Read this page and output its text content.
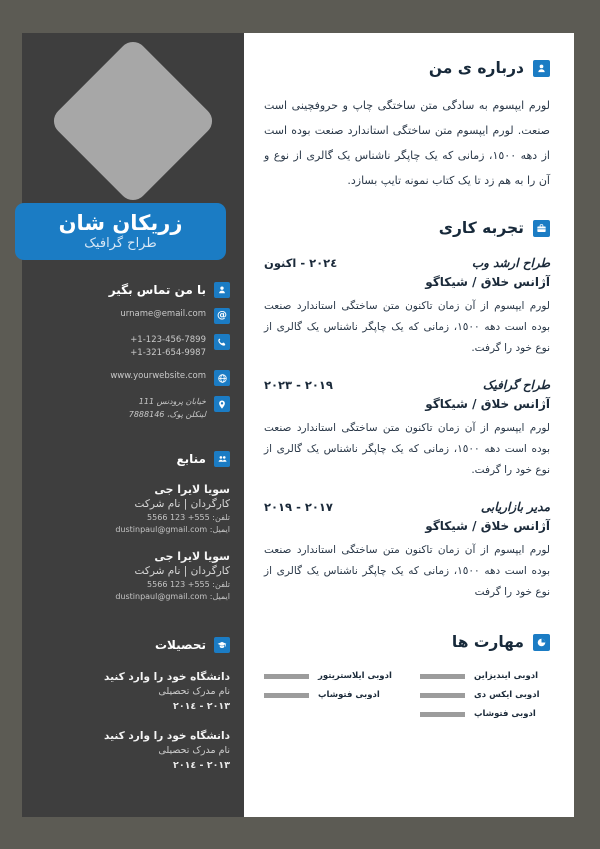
زریکان شان
طراح گرافیک
با من تماس بگیر
@
urname@email.com
+1-123-456-7899
+1-321-654-9987
www.yourwebsite.com
خیابان پرودنس 111
لینکلن پوک، 7888146
منابع
سویا لایرا جی
کارگردان | نام شرکت
تلفن: 5566 123 +555
ایمیل: dustinpaul@gmail.com
سویا لایرا جی
کارگردان | نام شرکت
تلفن: 5566 123 +555
ایمیل: dustinpaul@gmail.com
تحصیلات
دانشگاه خود را وارد کنید
نام مدرک تحصیلی
٢٠١٣ - ٢٠١٤
دانشگاه خود را وارد کنید
نام مدرک تحصیلی
٢٠١٣ - ٢٠١٤
درباره ی من

لورم ایپسوم به سادگی متن ساختگی چاپ و حروفچینی است صنعت. لورم ایپسوم متن ساختگی استاندارد صنعت بوده است از دهه ١٥٠٠، زمانی که یک چاپگر ناشناس یک گالری از نوع و آن را به هم زد تا یک کتاب نمونه تایپ بسازد.

تجربه کاری
طراح ارشد وب
٢٠٢٤ - اکنون
آژانس خلاق / شیکاگو
لورم ایپسوم از آن زمان تاکنون متن ساختگی استاندارد صنعت بوده است دهه ١٥٠٠، زمانی که یک چاپگر ناشناس یک گالری از نوع خود را گرفت.
طراح گرافیک
٢٠١٩ - ٢٠٢٣
آژانس خلاق / شیکاگو
لورم ایپسوم از آن زمان تاکنون متن ساختگی استاندارد صنعت بوده است دهه ١٥٠٠، زمانی که یک چاپگر ناشناس یک گالری از نوع خود را گرفت.
مدیر بازاریابی
٢٠١٧ - ٢٠١٩
آژانس خلاق / شیکاگو
لورم ایپسوم از آن زمان تاکنون متن ساختگی استاندارد صنعت بوده است دهه ١٥٠٠، زمانی که یک چاپگر ناشناس یک گالری از نوع خود را گرفت
مهارت ها
ادوبی ایندیزاین
ادوبی ایلاستریتور
ادوبی ایکس دی
ادوبی فتوشاپ
ادوبی فتوشاپ
